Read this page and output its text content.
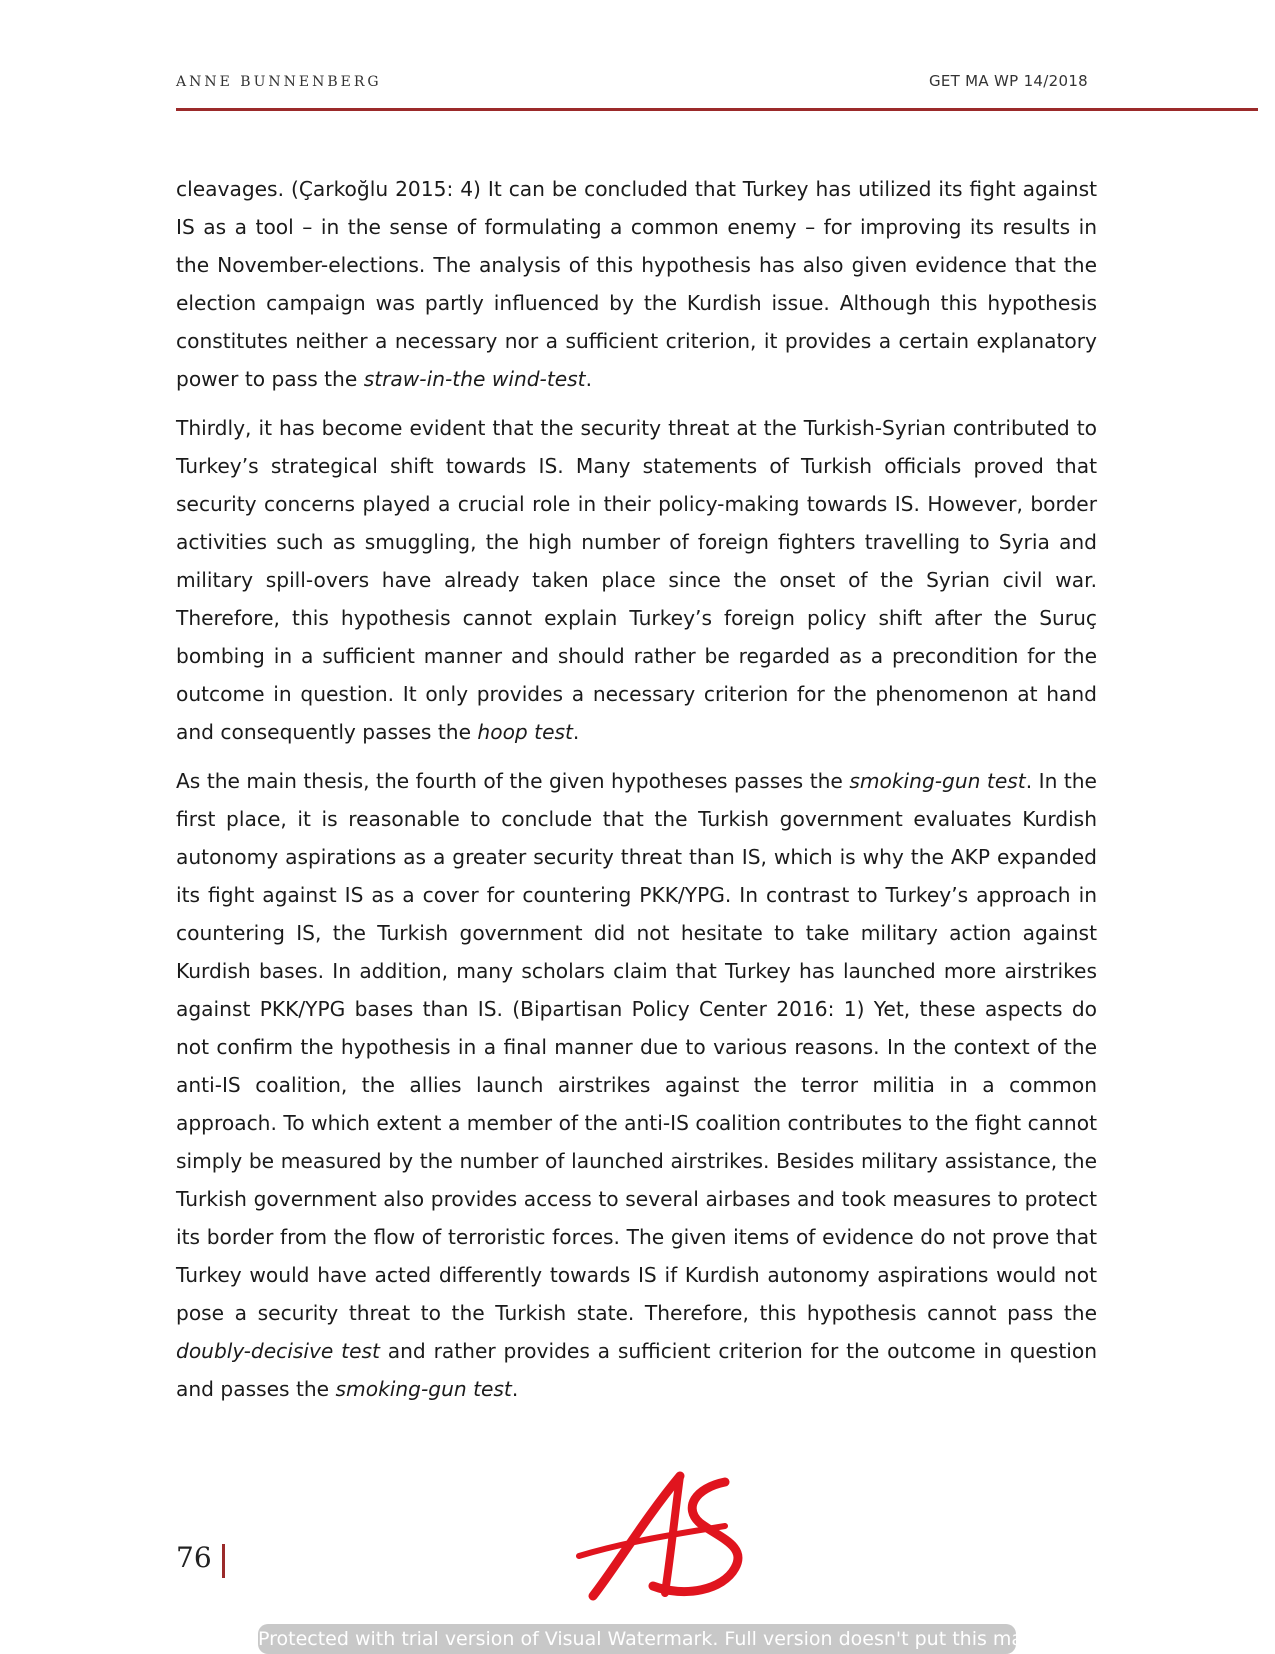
ANNE BUNNENBERG	GET MA WP 14/2018

cleavages. (Çarkoğlu 2015: 4) It can be concluded that Turkey has utilized its fight against IS as a tool – in the sense of formulating a common enemy – for improving its results in the November-elections. The analysis of this hypothesis has also given evidence that the election campaign was partly influenced by the Kurdish issue. Although this hypothesis constitutes neither a necessary nor a sufficient criterion, it provides a certain explanatory power to pass the straw-in-the wind-test.

Thirdly, it has become evident that the security threat at the Turkish-Syrian contributed to Turkey’s strategical shift towards IS. Many statements of Turkish officials proved that security concerns played a crucial role in their policy-making towards IS. However, border activities such as smuggling, the high number of foreign fighters travelling to Syria and military spill-overs have already taken place since the onset of the Syrian civil war. Therefore, this hypothesis cannot explain Turkey’s foreign policy shift after the Suruç bombing in a sufficient manner and should rather be regarded as a precondition for the outcome in question. It only provides a necessary criterion for the phenomenon at hand and consequently passes the hoop test.

As the main thesis, the fourth of the given hypotheses passes the smoking-gun test. In the first place, it is reasonable to conclude that the Turkish government evaluates Kurdish autonomy aspirations as a greater security threat than IS, which is why the AKP expanded its fight against IS as a cover for countering PKK/YPG. In contrast to Turkey’s approach in countering IS, the Turkish government did not hesitate to take military action against Kurdish bases. In addition, many scholars claim that Turkey has launched more airstrikes against PKK/YPG bases than IS. (Bipartisan Policy Center 2016: 1) Yet, these aspects do not confirm the hypothesis in a final manner due to various reasons. In the context of the anti-IS coalition, the allies launch airstrikes against the terror militia in a common approach. To which extent a member of the anti-IS coalition contributes to the fight cannot simply be measured by the number of launched airstrikes. Besides military assistance, the Turkish government also provides access to several airbases and took measures to protect its border from the flow of terroristic forces. The given items of evidence do not prove that Turkey would have acted differently towards IS if Kurdish autonomy aspirations would not pose a security threat to the Turkish state. Therefore, this hypothesis cannot pass the doubly-decisive test and rather provides a sufficient criterion for the outcome in question and passes the smoking-gun test.

76
Protected with trial version of Visual Watermark. Full version doesn't put this mark.
